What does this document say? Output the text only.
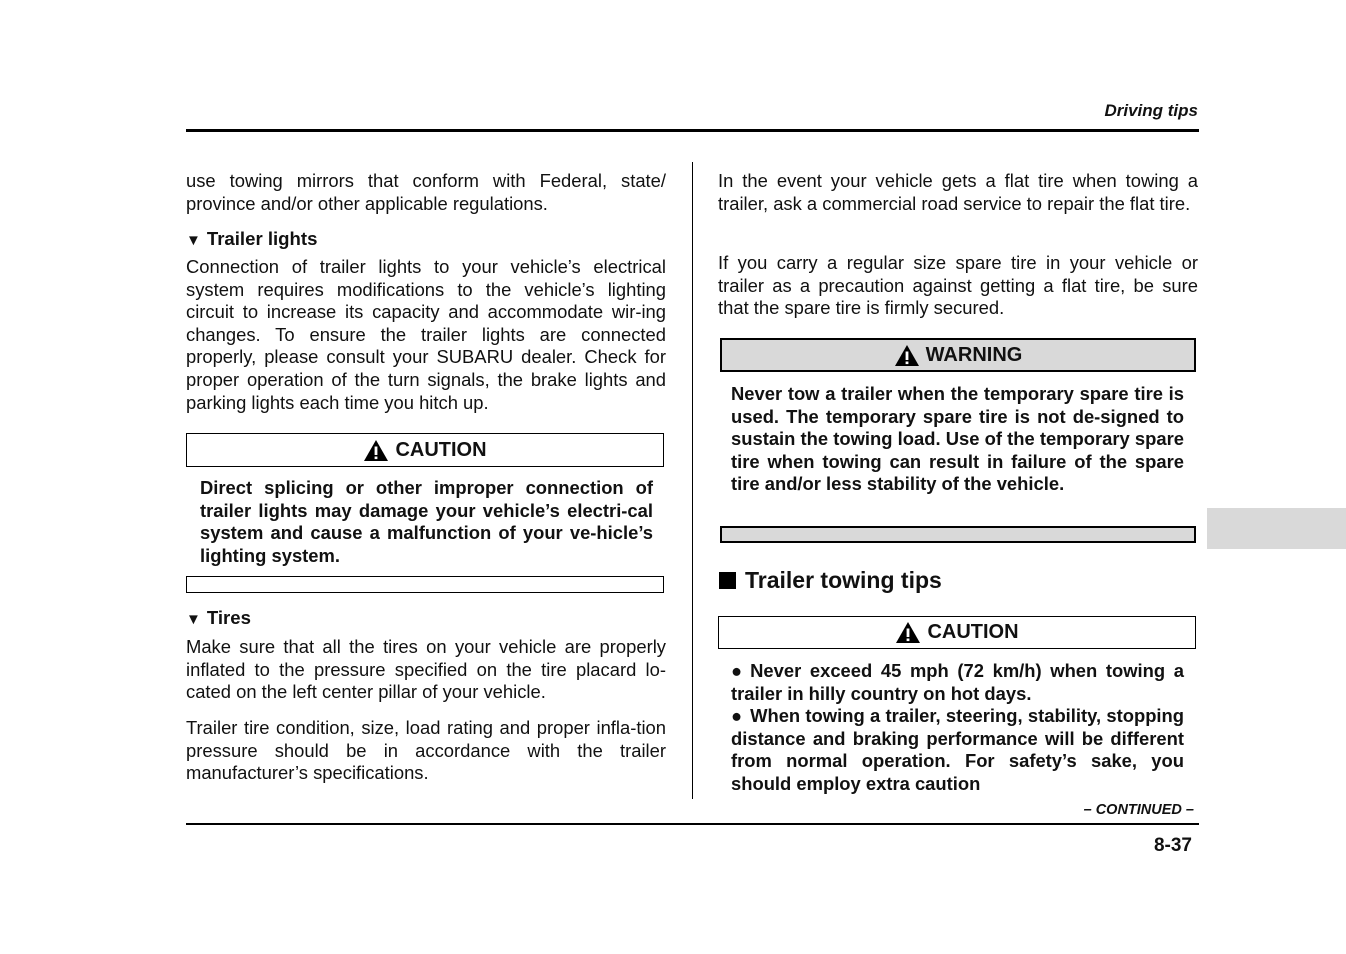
Driving tips

use towing mirrors that conform with Federal, state/ province and/or other applicable regulations.

▼ Trailer lights

Connection of trailer lights to your vehicle’s electrical system requires modifications to the vehicle’s lighting circuit to increase its capacity and accommodate wir-ing changes. To ensure the trailer lights are connected properly, please consult your SUBARU dealer. Check for proper operation of the turn signals, the brake lights and parking lights each time you hitch up.

CAUTION

Direct splicing or other improper connection of trailer lights may damage your vehicle’s electri-cal system and cause a malfunction of your ve-hicle’s lighting system.

▼ Tires

Make sure that all the tires on your vehicle are properly inflated to the pressure specified on the tire placard lo-cated on the left center pillar of your vehicle.

Trailer tire condition, size, load rating and proper infla-tion pressure should be in accordance with the trailer manufacturer’s specifications.

In the event your vehicle gets a flat tire when towing a trailer, ask a commercial road service to repair the flat tire.

If you carry a regular size spare tire in your vehicle or trailer as a precaution against getting a flat tire, be sure that the spare tire is firmly secured.

WARNING

Never tow a trailer when the temporary spare tire is used. The temporary spare tire is not de-signed to sustain the towing load. Use of the temporary spare tire when towing can result in failure of the spare tire and/or less stability of the vehicle.

Trailer towing tips
CAUTION

● Never exceed 45 mph (72 km/h) when towing a trailer in hilly country on hot days.

● When towing a trailer, steering, stability, stopping distance and braking performance will be different from normal operation. For safety’s sake, you should employ extra caution

– CONTINUED –
8-37
